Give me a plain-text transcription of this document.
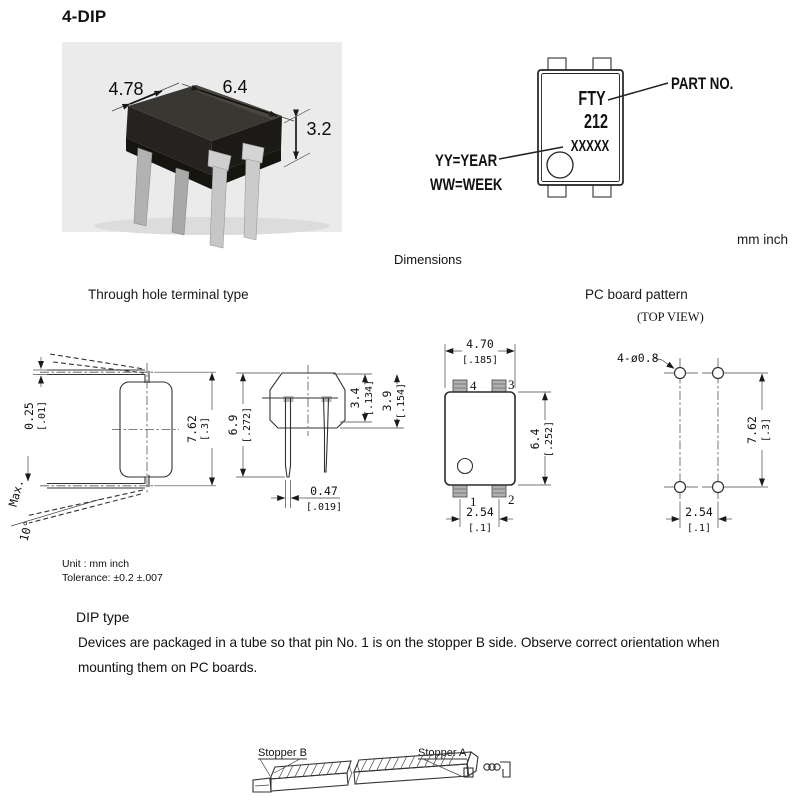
4-DIP
4.78	6.4
3.2
FTY
212
XXXXX
PART NO.
YY=YEAR
WW=WEEK
mm inch
Dimensions
Through hole terminal type	PC board pattern
(TOP VIEW)
0.25 [.01]	7.62 [.3]
Max.
10°
6.9 [.272]
3.4 [.134] 3.9 [.154]
0.47
[.019]
4.70
[.185]
4 3
1 2
6.4 [.252]
2.54
[.1]
4-ø0.8
7.62 [.3]
2.54
[.1]
Unit : mm inch
Tolerance: ±0.2 ±.007
DIP type
Devices are packaged in a tube so that pin No. 1 is on the stopper B side. Observe correct orientation when mounting them on PC boards.
Stopper B	Stopper A
